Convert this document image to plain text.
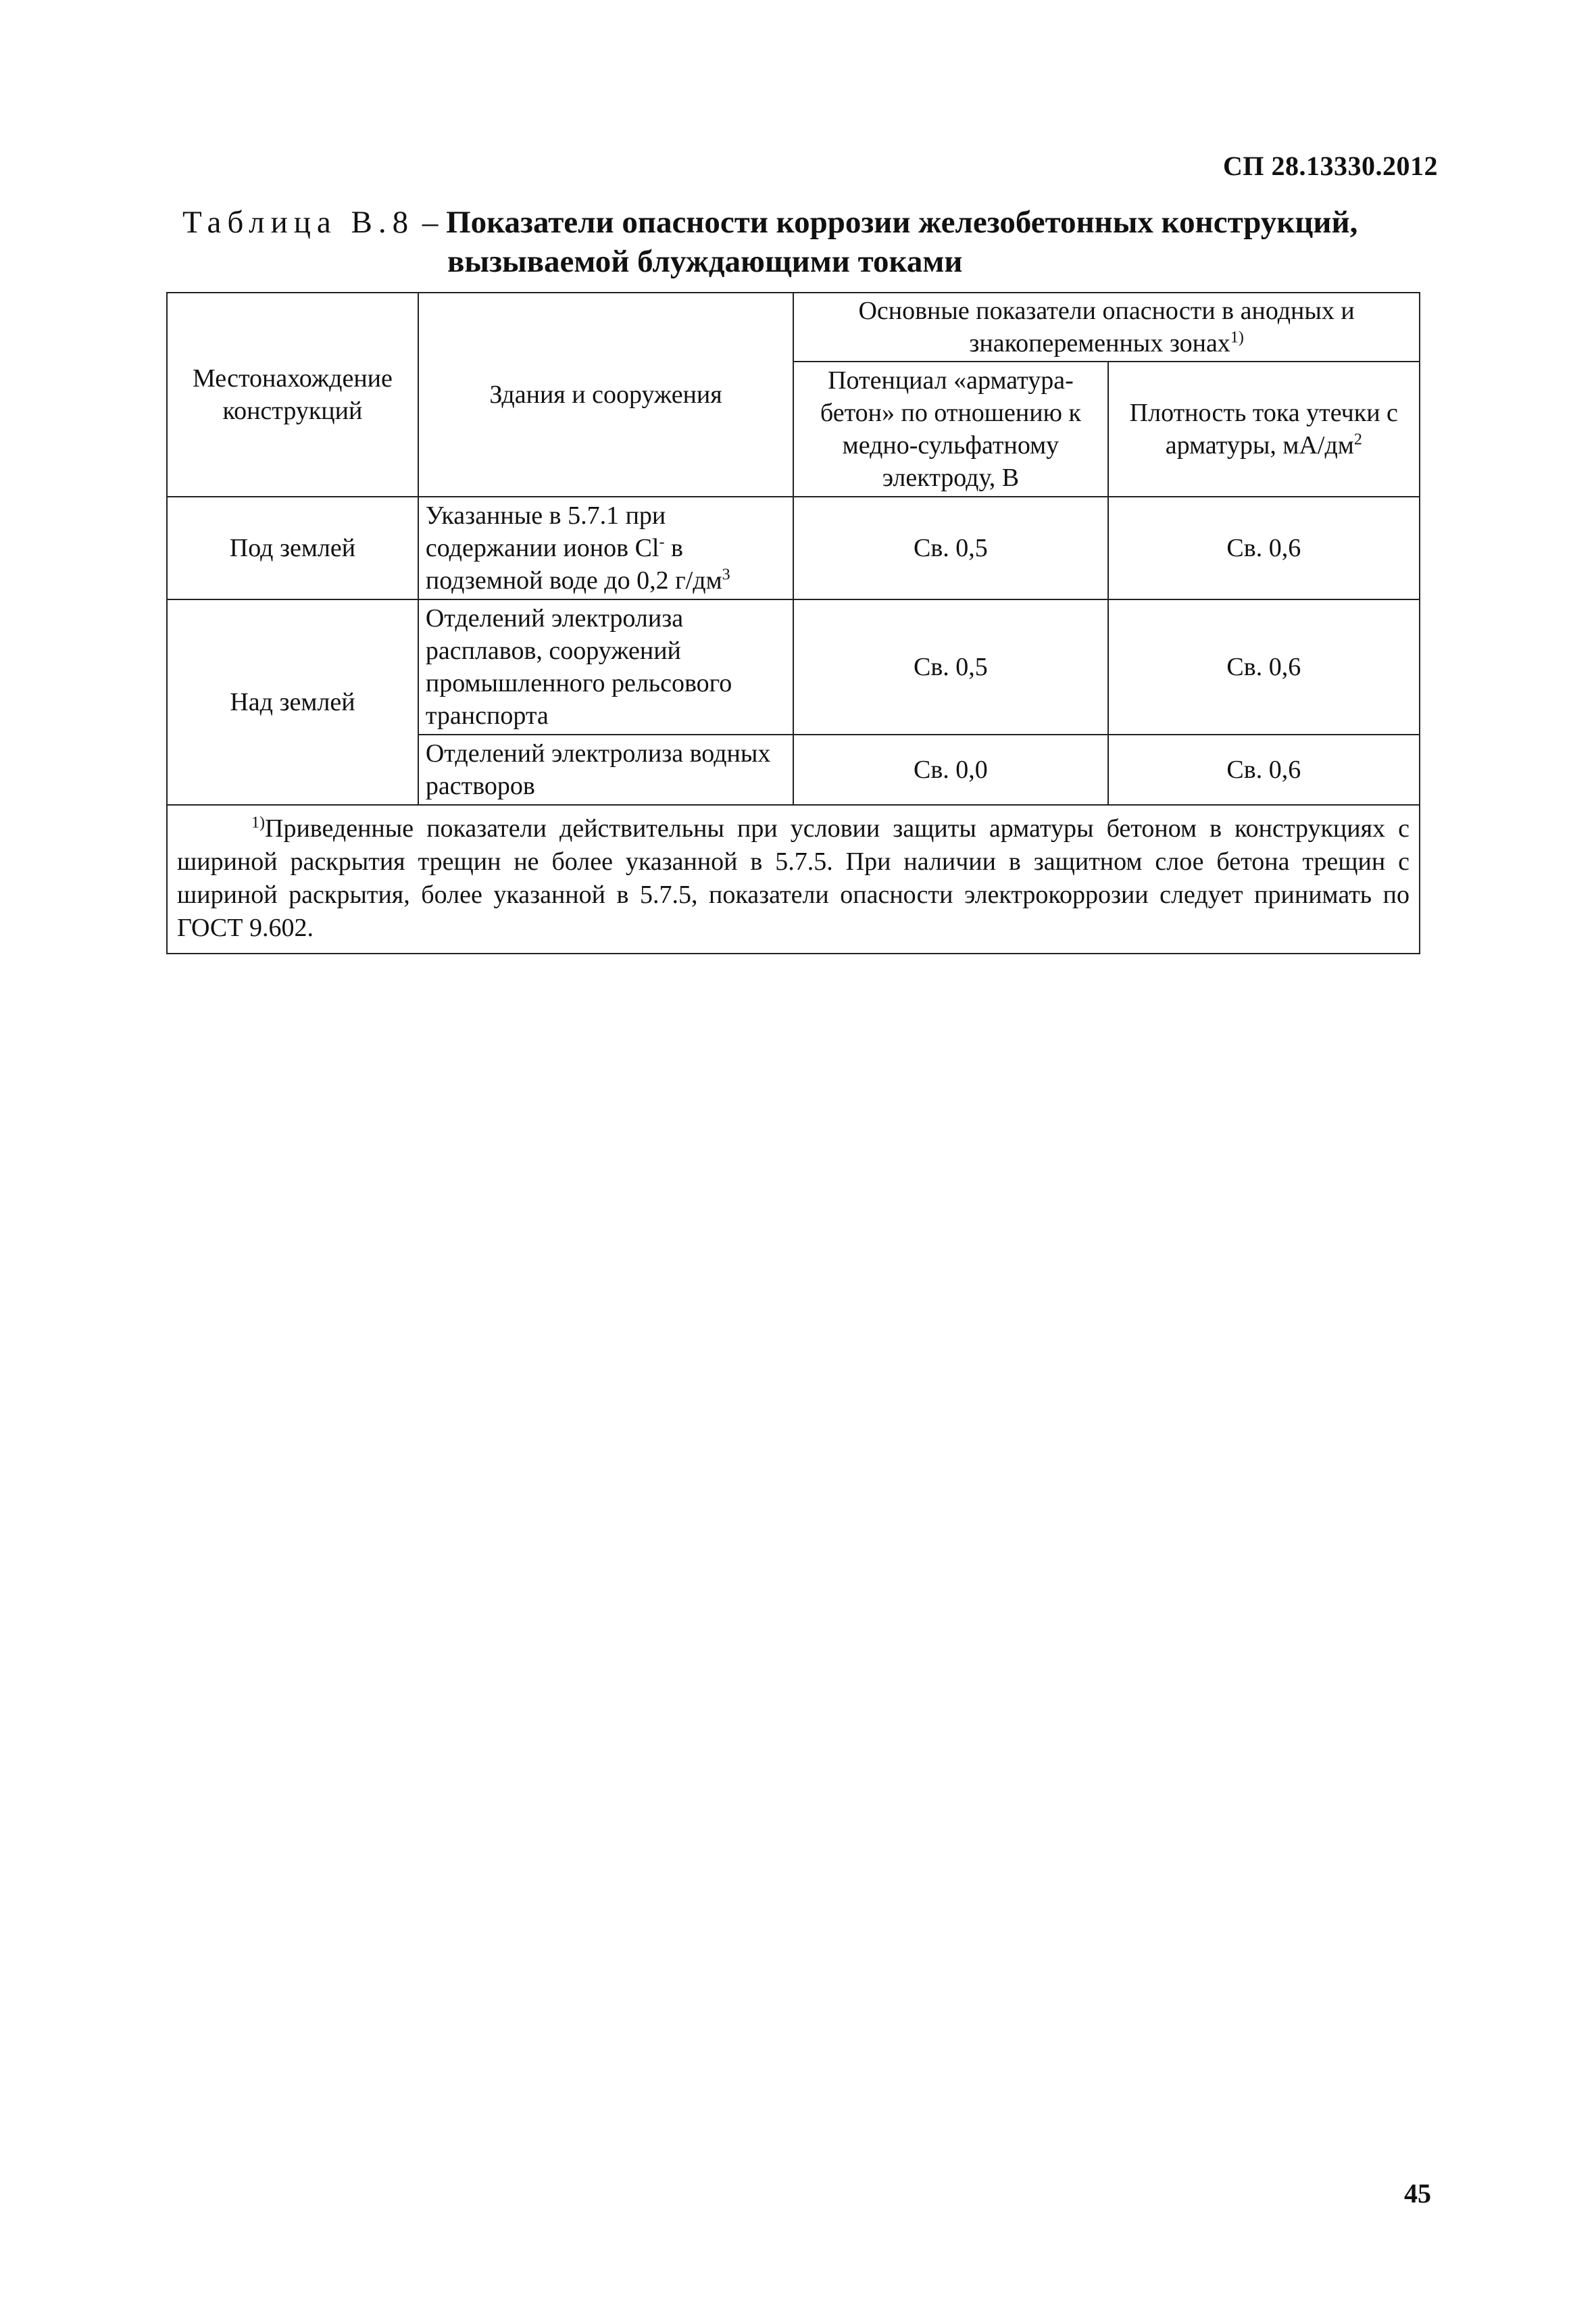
СП 28.13330.2012
Таблица В.8 – Показатели опасности коррозии железобетонных конструкций,
вызываемой блуждающими токами
Местонахождение конструкций	Здания и сооружения	Основные показатели опасности в анодных и знакопеременных зонах$^{1)}$
		Потенциал «арматура-бетон» по отношению к медно-сульфатному электроду, В	Плотность тока утечки с арматуры, $мА/дм^2$
Под землей	Указанные в 5.7.1 при содержании ионов Cl- в подземной воде до 0,2 $г/дм^3$	Св. 0,5	Св. 0,6
Над землей	Отделений электролиза расплавов, сооружений промышленного рельсового транспорта	Св. 0,5	Св. 0,6
	Отделений электролиза водных растворов	Св. 0,0	Св. 0,6
$^{1)}$Приведенные показатели действительны при условии защиты арматуры бетоном в конструкциях с шириной раскрытия трещин не более указанной в 5.7.5. При наличии в защитном слое бетона трещин с шириной раскрытия, более указанной в 5.7.5, показатели опасности электрокоррозии следует принимать по ГОСТ 9.602.			
45
